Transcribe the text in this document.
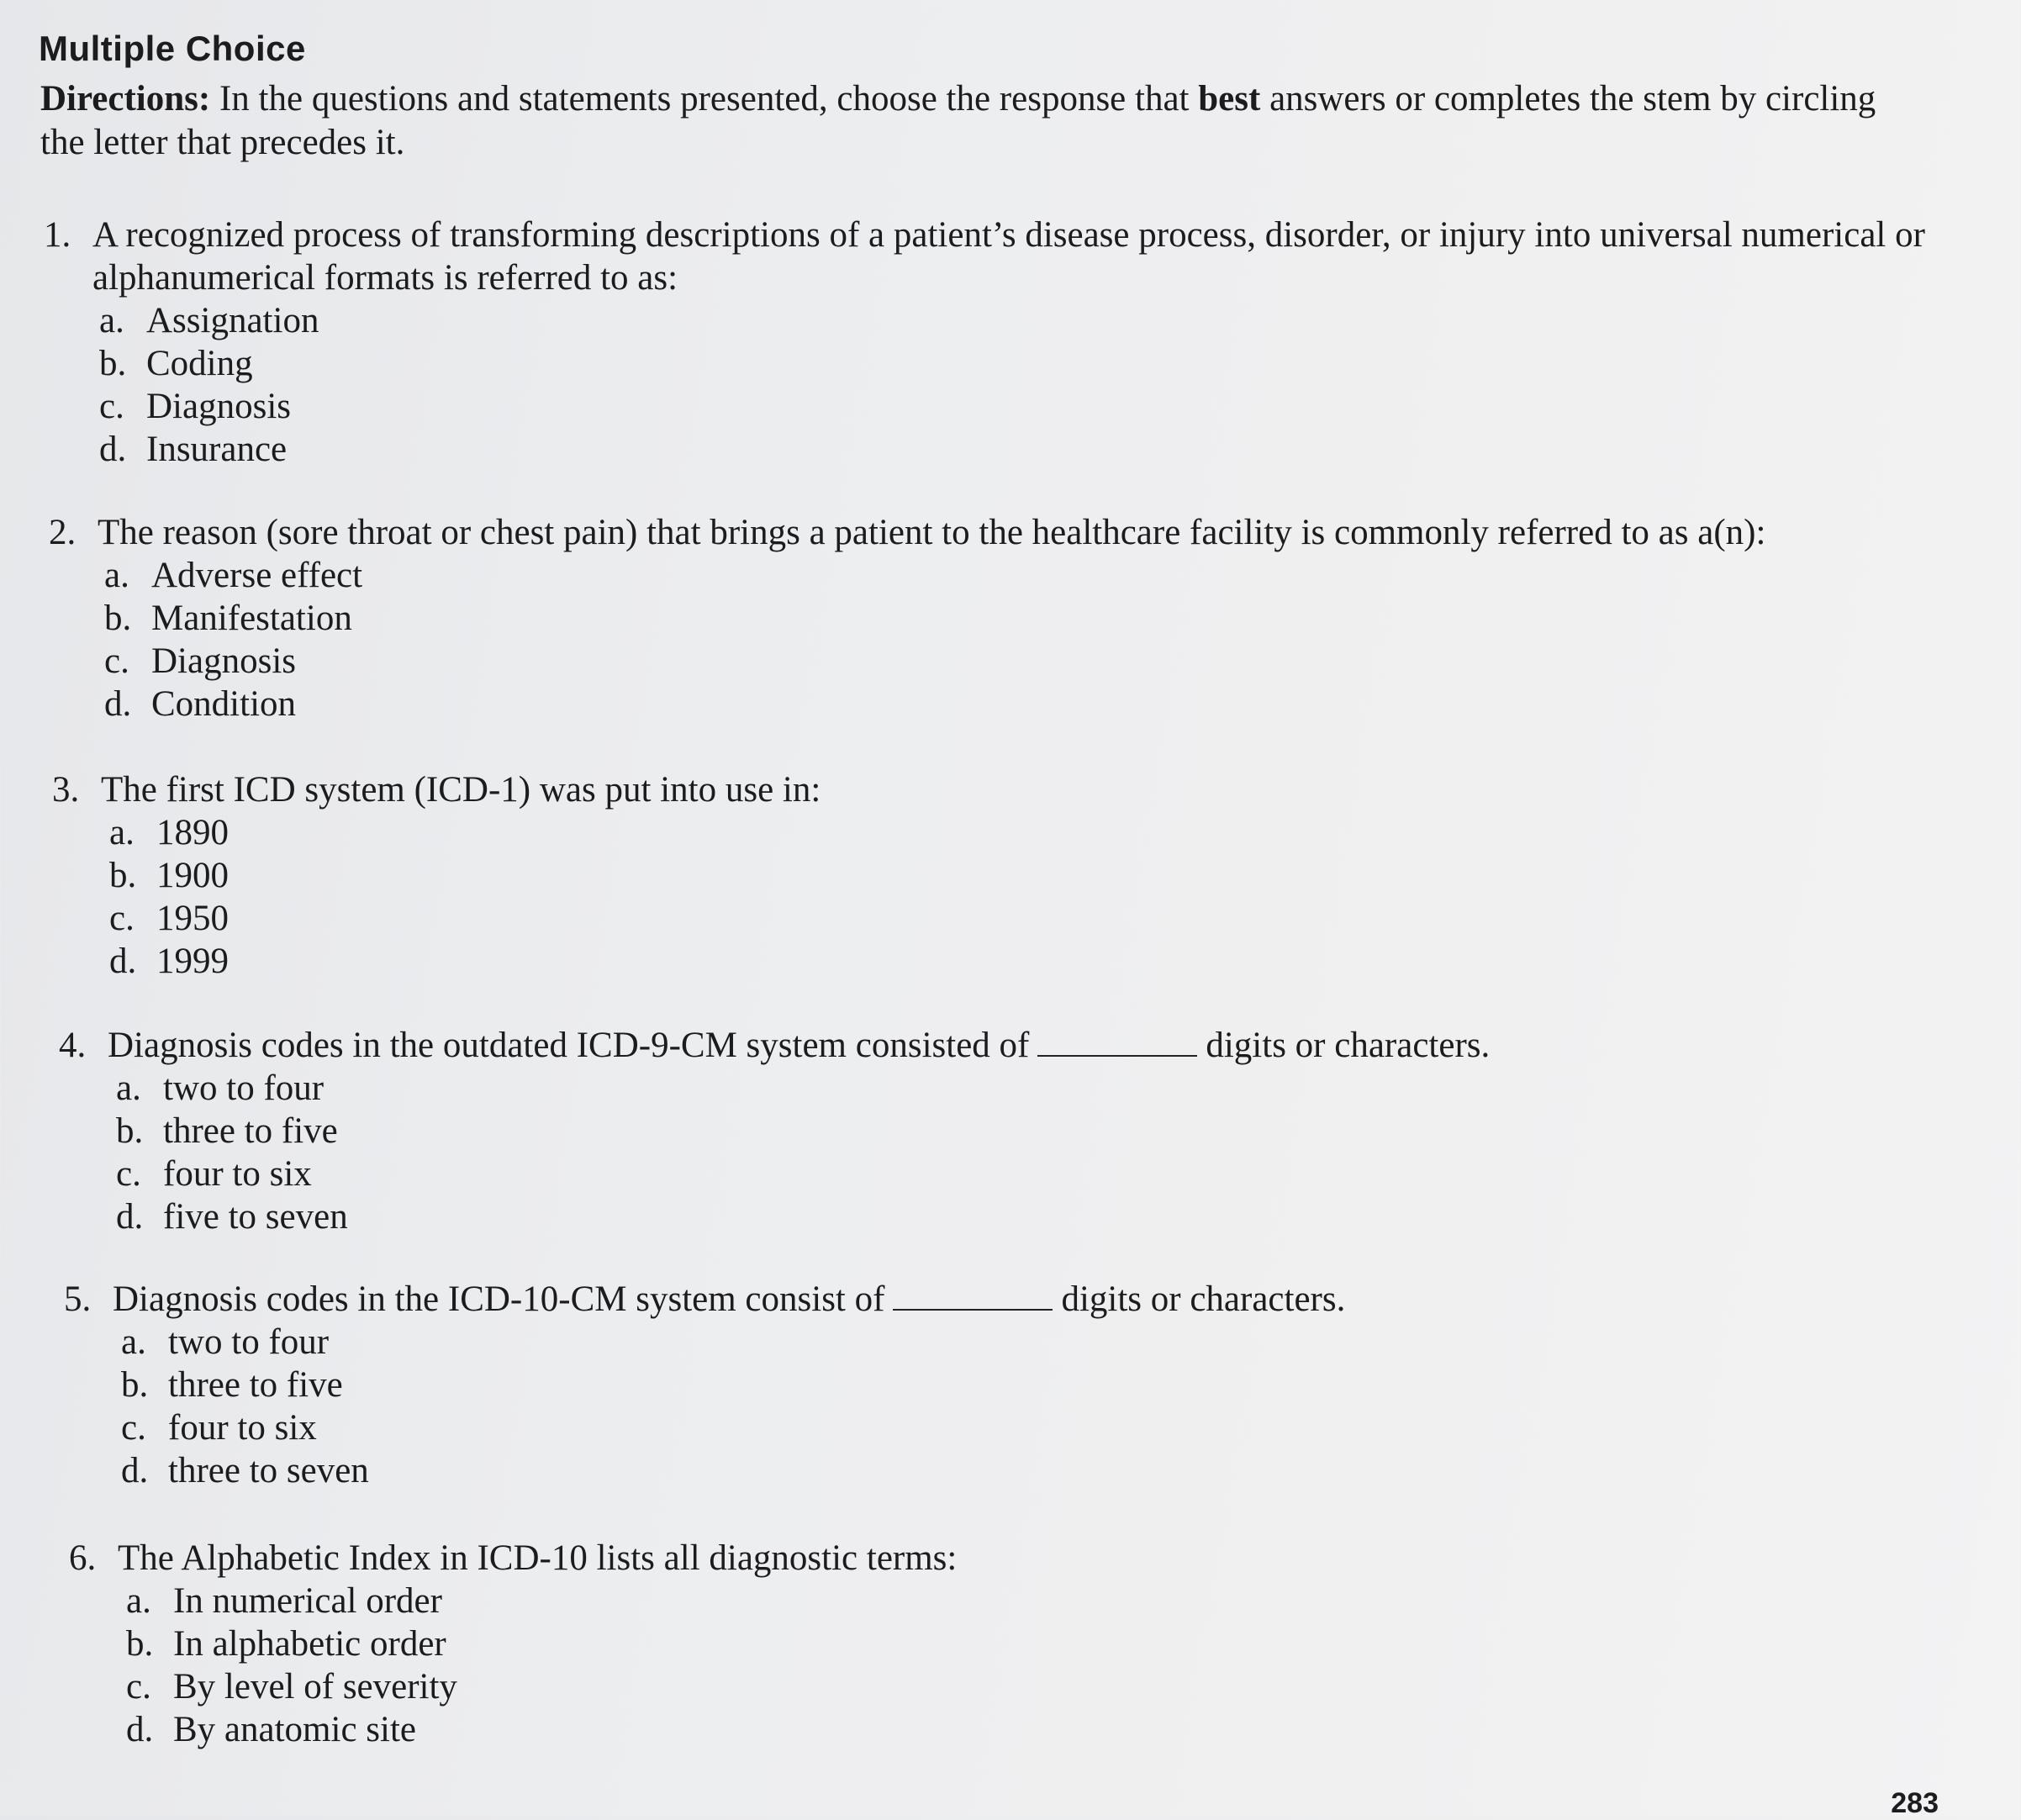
Multiple Choice
Directions: In the questions and statements presented, choose the response that best answers or completes the stem by circling the letter that precedes it.
1. A recognized process of transforming descriptions of a patient’s disease process, disorder, or injury into universal numerical or alphanumerical formats is referred to as:
a. Assignation
b. Coding
c. Diagnosis
d. Insurance
2. The reason (sore throat or chest pain) that brings a patient to the healthcare facility is commonly referred to as a(n):
a. Adverse effect
b. Manifestation
c. Diagnosis
d. Condition
3. The first ICD system (ICD-1) was put into use in:
a. 1890
b. 1900
c. 1950
d. 1999
4. Diagnosis codes in the outdated ICD-9-CM system consisted of	digits or characters.
a. two to four
b. three to five
c. four to six
d. five to seven
5. Diagnosis codes in the ICD-10-CM system consist of	digits or characters.
a. two to four
b. three to five
c. four to six
d. three to seven
6. The Alphabetic Index in ICD-10 lists all diagnostic terms:
a. In numerical order
b. In alphabetic order
c. By level of severity
d. By anatomic site
283
